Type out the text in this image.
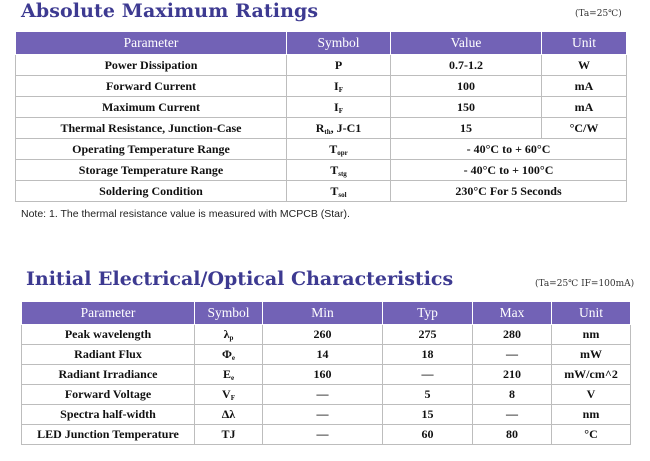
Absolute Maximum Ratings	(Ta=25℃)
Parameter	Symbol	Value	Unit
Power Dissipation	P	0.7-1.2	W
Forward Current	$I_F$	100	mA
Maximum Current	$I_F$	150	mA
Thermal Resistance, Junction-Case	$R_{th}$, J-C1	15	°C/W
Operating Temperature Range	$T_{opr}$	- 40°C to + 60°C	
Storage Temperature Range	$T_{stg}$	- 40°C to + 100°C	
Soldering Condition	$T_{sol}$	230°C For 5 Seconds	
Note: 1. The thermal resistance value is measured with MCPCB (Star).
Initial Electrical/Optical Characteristics	(Ta=25℃ IF=100mA)
Parameter	Symbol	Min	Typ	Max	Unit
Peak wavelength	$\lambda_p$	260	275	280	nm
Radiant Flux	$\Phi_e$	14	18	—	mW
Radiant Irradiance	$E_e$	160	—	210	mW/cm^2
Forward Voltage	$V_F$	—	5	8	V
Spectra half-width	Δλ	—	15	—	nm
LED Junction Temperature	TJ	—	60	80	°C
